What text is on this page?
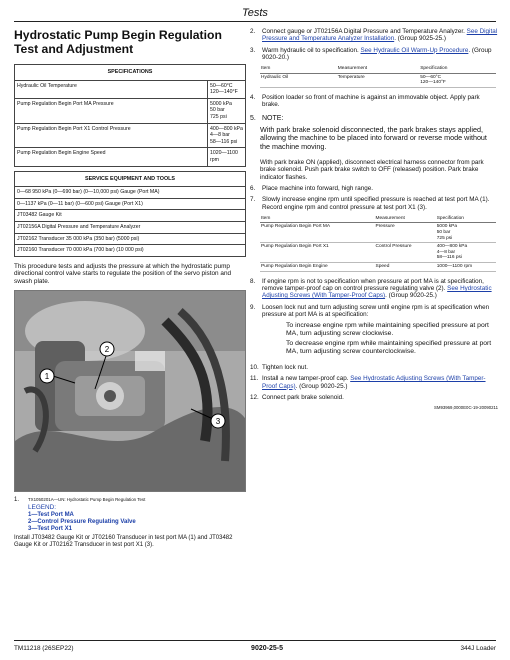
Tests
Hydrostatic Pump Begin Regulation Test and Adjustment
SPECIFICATIONS	
Hydraulic Oil Temperature	50—60°C
120—140°F

Pump Regulation Begin Port MA Pressure	5000 kPa
50 bar
725 psi

Pump Regulation Begin Port X1 Control Pressure	400—800 kPa
4—8 bar
58—116 psi

Pump Regulation Begin Engine Speed	1020—1100 rpm
SERVICE EQUIPMENT AND TOOLS
0—68 950 kPa (0—690 bar) (0—10,000 psi) Gauge (Port MA)
0—1137 kPa (0—11 bar) (0—600 psi) Gauge (Port X1)
JT03482 Gauge Kit
JT02156A Digital Pressure and Temperature Analyzer
JT02162 Transducer 35 000 kPa (350 bar) (5000 psi)
JT02160 Transducer 70 000 kPa (700 bar) (10 000 psi)

This procedure tests and adjusts the pressure at which the hydrostatic pump directional control valve starts to regulate the position of the servo piston and swash plate.

2
1
3
1. TX1050201A—UN: Hydrostatic Pump Begin Regulation Test
LEGEND:
1—Test Port MA
2—Control Pressure Regulating Valve
3—Test Port X1
Install JT03482 Gauge Kit or JT02160 Transducer in test port MA (1) and JT03482 Gauge Kit or JT02162 Transducer in test port X1 (3).
2.	Connect gauge or JT02156A Digital Pressure and Temperature Analyzer. See Digital Pressure and Temperature Analyzer Installation. (Group 9025-25.)
3.	Warm hydraulic oil to specification. See Hydraulic Oil Warm-Up Procedure. (Group 9020-20.)
Item	Measurement	Specification
Hydraulic Oil	Temperature	50—60°C
120—140°F
4.	Position loader so front of machine is against an immovable object. Apply park brake.
5. NOTE:

With park brake solenoid disconnected, the park brakes stays applied, allowing the machine to be placed into forward or reverse mode without the machine moving.

With park brake ON (applied), disconnect electrical harness connector from park brake solenoid. Push park brake switch to OFF (released) position. Park brake indicator flashes.

6.	Place machine into forward, high range.
7.	Slowly increase engine rpm until specified pressure is reached at test port MA (1). Record engine rpm and control pressure at test port X1 (3).
Item	Measurement	Specification
Pump Regulation Begin Port MA	Pressure	5000 kPa
50 bar
725 psi

Pump Regulation Begin Port X1	Control Pressure	400—800 kPa
4—8 bar
58—116 psi

Pump Regulation Begin Engine	Speed	1000—1100 rpm
8.	If engine rpm is not to specification when pressure at port MA is at specification, remove tamper-proof cap on control pressure regulating valve (2). See Hydrostatic Adjusting Screws (With Tamper-Proof Caps). (Group 9020-25.)
9.	Loosen lock nut and turn adjusting screw until engine rpm is at specification when pressure at port MA is at specification:

To increase engine rpm while maintaining specified pressure at port MA, turn adjusting screw clockwise.

To decrease engine rpm while maintaining specified pressure at port MA, turn adjusting screw counterclockwise.

10. Tighten lock nut.
11. Install a new tamper-proof cap. See Hydrostatic Adjusting Screws (With Tamper-Proof Caps). (Group 9020-25.)
12. Connect park brake solenoid.
SM93969,0000E0C-19-20090211
TM11218 (26SEP22)	9020-25-5	344J Loader
